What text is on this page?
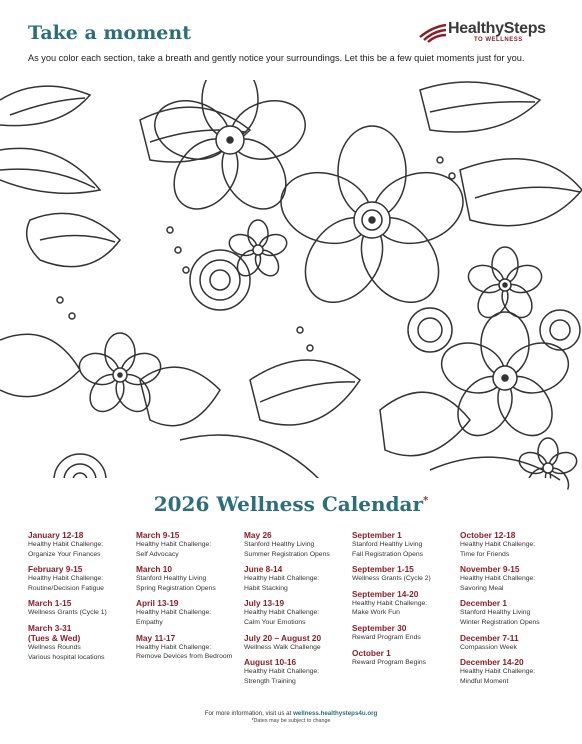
Take a moment	HealthySteps
TO WELLNESS
As you color each section, take a breath and gently notice your surroundings. Let this be a few quiet moments just for you.
2026 Wellness Calendar*
January 12-18
Healthy Habit Challenge:
Organize Your Finances
February 9-15
Healthy Habit Challenge:
Routine/Decision Fatigue
March 1-15
Wellness Grants (Cycle 1)
March 3-31
(Tues & Wed)
Wellness Rounds
Various hospital locations
March 9-15
Healthy Habit Challenge:
Self Advocacy
March 10
Stanford Healthy Living
Spring Registration Opens
April 13-19
Healthy Habit Challenge:
Empathy
May 11-17
Healthy Habit Challenge:
Remove Devices from Bedroom
May 26
Stanford Healthy Living
Summer Registration Opens
June 8-14
Healthy Habit Challenge:
Habit Stacking
July 13-19
Healthy Habit Challenge:
Calm Your Emotions
July 20 – August 20
Wellness Walk Challenge
August 10-16
Healthy Habit Challenge:
Strength Training
September 1
Stanford Healthy Living
Fall Registration Opens
September 1-15
Wellness Grants (Cycle 2)
September 14-20
Healthy Habit Challenge:
Make Work Fun
September 30
Reward Program Ends
October 1
Reward Program Begins
October 12-18
Healthy Habit Challenge:
Time for Friends
November 9-15
Healthy Habit Challenge:
Savoring Meal
December 1
Stanford Healthy Living
Winter Registration Opens
December 7-11
Compassion Week
December 14-20
Healthy Habit Challenge:
Mindful Moment
For more information, visit us at wellness.healthysteps4u.org
*Dates may be subject to change
